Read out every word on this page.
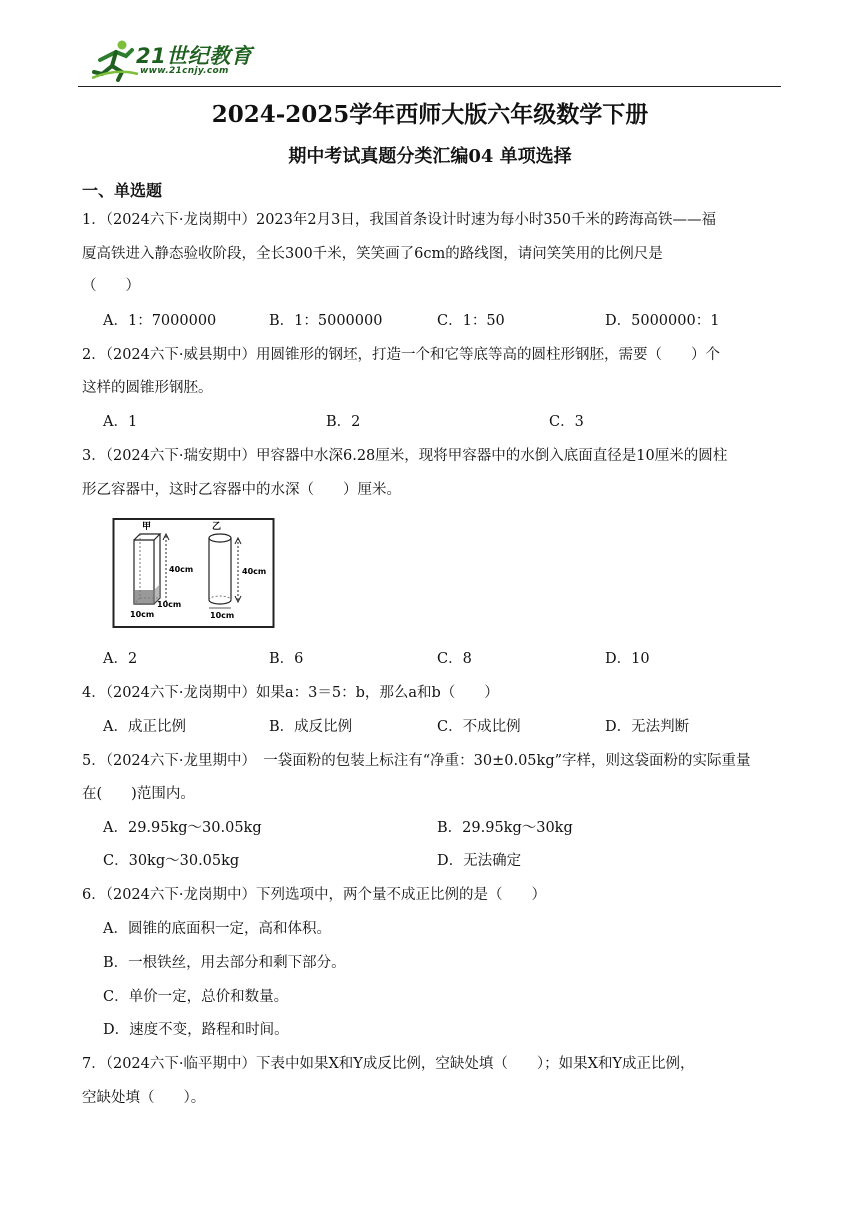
21世纪教育
www.21cnjy.com
2024-2025学年西师大版六年级数学下册
期中考试真题分类汇编04 单项选择
一、单选题
1．（2024六下·龙岗期中）2023年2月3日，我国首条设计时速为每小时350千米的跨海高铁——福
厦高铁进入静态验收阶段，全长300千米，笑笑画了6cm的路线图，请问笑笑用的比例尺是
（　　）
A．1：7000000	B．1：5000000	C．1：50	D．5000000：1
2．（2024六下·威县期中）用圆锥形的钢坯，打造一个和它等底等高的圆柱形钢胚，需要（　　）个
这样的圆锥形钢胚。
A．1	B．2	C．3
3．（2024六下·瑞安期中）甲容器中水深6.28厘米，现将甲容器中的水倒入底面直径是10厘米的圆柱
形乙容器中，这时乙容器中的水深（　　）厘米。
甲	乙
40cm	40cm
10cm
10cm	10cm
A．2	B．6	C．8	D．10
4．（2024六下·龙岗期中）如果a：3＝5：b，那么a和b（　　）
A．成正比例	B．成反比例	C．不成比例	D．无法判断
5．（2024六下·龙里期中）　一袋面粉的包装上标注有“净重：30±0.05kg”字样，则这袋面粉的实际重量
在(　　)范围内。
A．29.95kg～30.05kg	B．29.95kg～30kg
C．30kg～30.05kg	D．无法确定
6．（2024六下·龙岗期中）下列选项中，两个量不成正比例的是（　　）
A．圆锥的底面积一定，高和体积。
B．一根铁丝，用去部分和剩下部分。
C．单价一定，总价和数量。
D．速度不变，路程和时间。
7．（2024六下·临平期中）下表中如果X和Y成反比例，空缺处填（　　）；如果X和Y成正比例，
空缺处填（　　）。
